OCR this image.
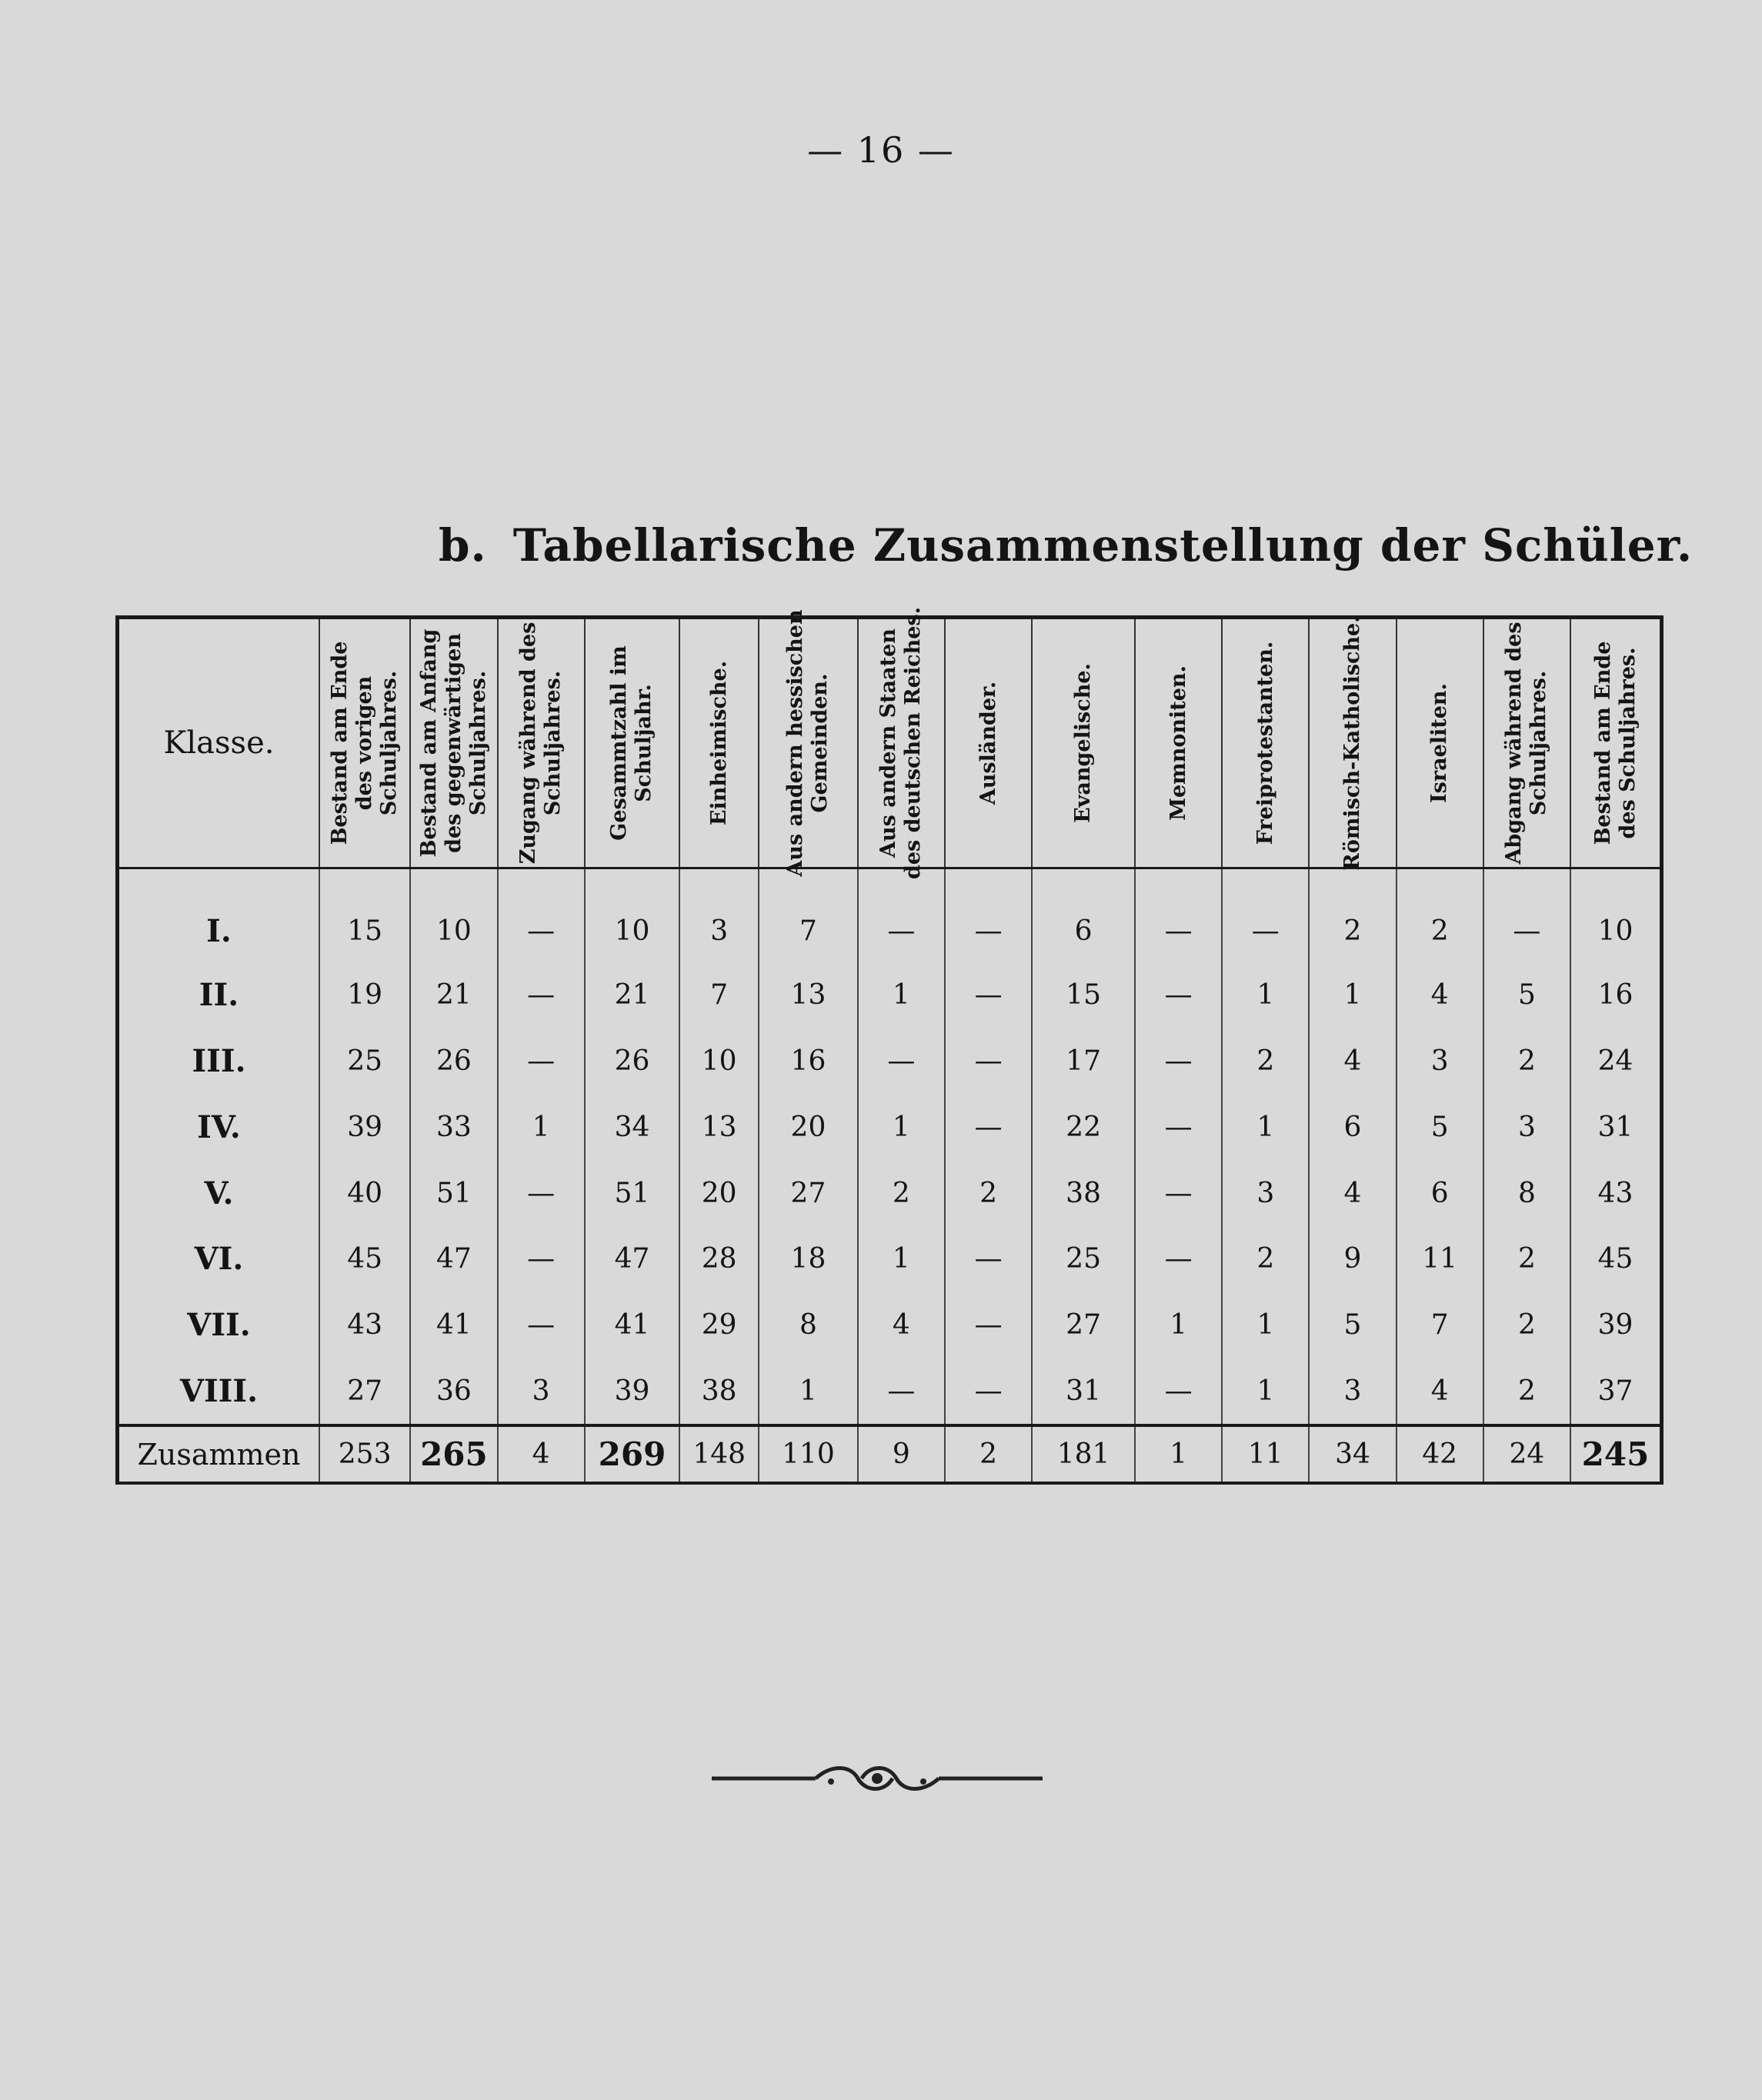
— 16 —
b. Tabellarische Zusammenstellung der Schüler.
Klasse.	Bestand am Ende
des vorigen
Schuljahres.	Bestand am Anfang
des gegenwärtigen
Schuljahres.	Zugang während des
Schuljahres.	Gesammtzahl im
Schuljahr.	Einheimische.	Aus andern hessischen
Gemeinden.	Aus andern Staaten
des deutschen Reiches.	Ausländer.	Evangelische.	Memnoniten.	Freiprotestanten.	Römisch-Katholische.	Israeliten.	Abgang während des
Schuljahres.	Bestand am Ende
des Schuljahres.

I.	15	10	—	10	3	7	—	—	6	—	—	2	2	—	10
II.	19	21	—	21	7	13	1	—	15	—	1	1	4	5	16
III.	25	26	—	26	10	16	—	—	17	—	2	4	3	2	24
IV.	39	33	1	34	13	20	1	—	22	—	1	6	5	3	31
V.	40	51	—	51	20	27	2	2	38	—	3	4	6	8	43
VI.	45	47	—	47	28	18	1	—	25	—	2	9	11	2	45
VII.	43	41	—	41	29	8	4	—	27	1	1	5	7	2	39
VIII.	27	36	3	39	38	1	—	—	31	—	1	3	4	2	37
Zusammen	253	265	4	269	148	110	9	2	181	1	11	34	42	24	245
